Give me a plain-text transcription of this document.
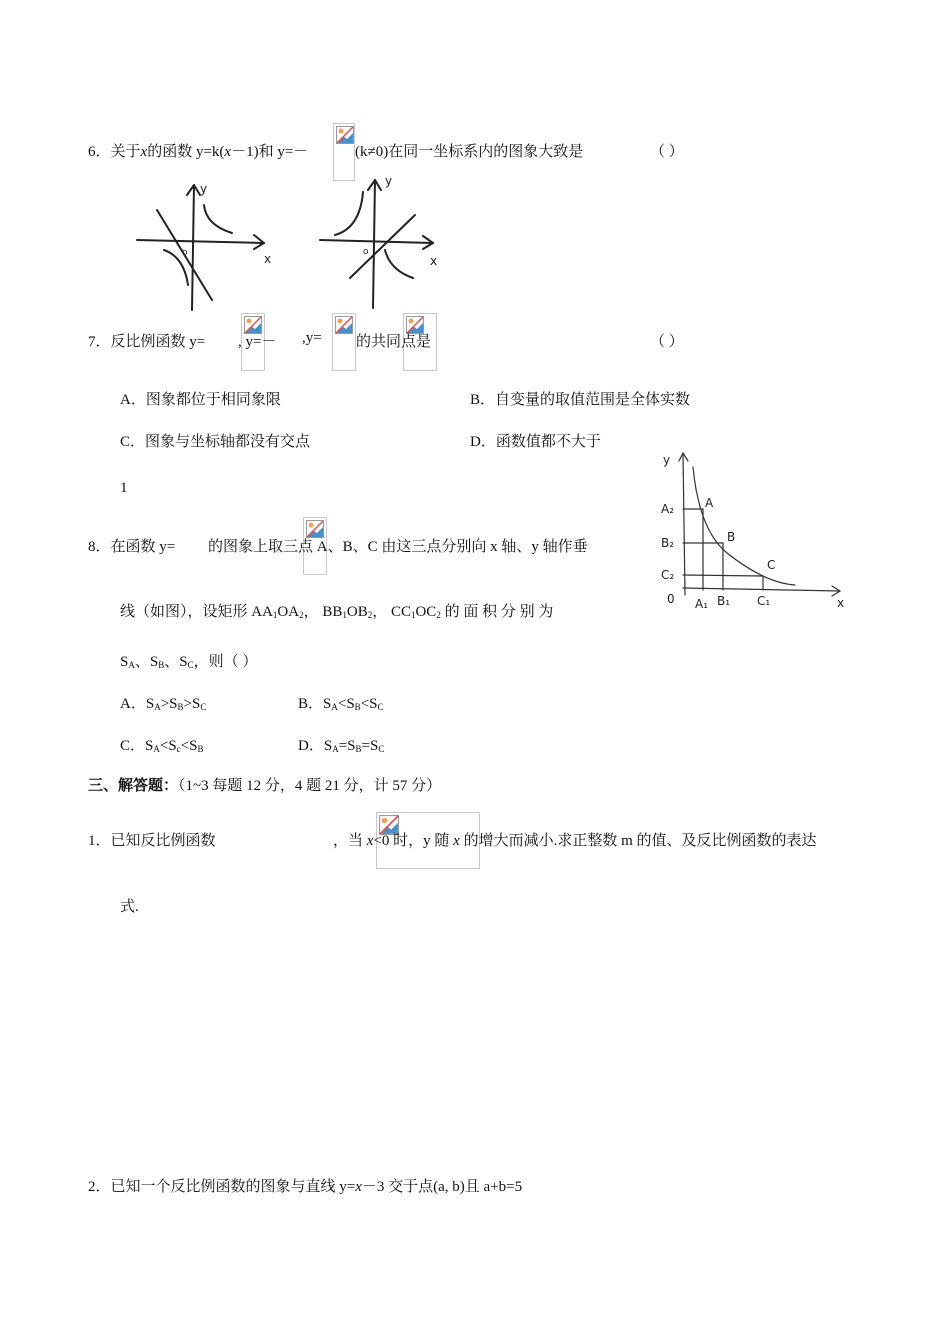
6．关于x的函数 y=k(x－1)和 y=－
	(k≠0)在同一坐标系内的图象大致是	（ ）
y
x
o
y
x
o
7．反比例函数 y=
, y=－
,y=
的共同点是	（ ）
A．图象都位于相同象限	B．自变量的取值范围是全体实数
C．图象与坐标轴都没有交点	D．函数值都不大于
1
8．在函数 y=
的图象上取三点 A、B、C 由这三点分别向 x 轴、y 轴作垂
线（如图），设矩形 $AA_1OA_2$， $BB_1OB_2$， $CC_1OC_2$ 的 面 积 分 别 为
$S_A$、$S_B$、$S_C$，则（ ）
A．$S_A>S_B>S_C$	B．$S_A<S_B<S_C$
C．$S_A<S_c<S_B$	D．$S_A=S_B=S_C$
y
x
0
A
B
C
A₁ B₁ C₁
A₂
B₂
C₂
三、解答题：（1~3 每题 12 分，4 题 21 分，计 57 分）
1．已知反比例函数	，当 x<0 时，y 随 x 的增大而减小.求正整数 m 的值、及反比例函数的表达
式.
2．已知一个反比例函数的图象与直线 y=x－3 交于点(a, b)且 a+b=5
